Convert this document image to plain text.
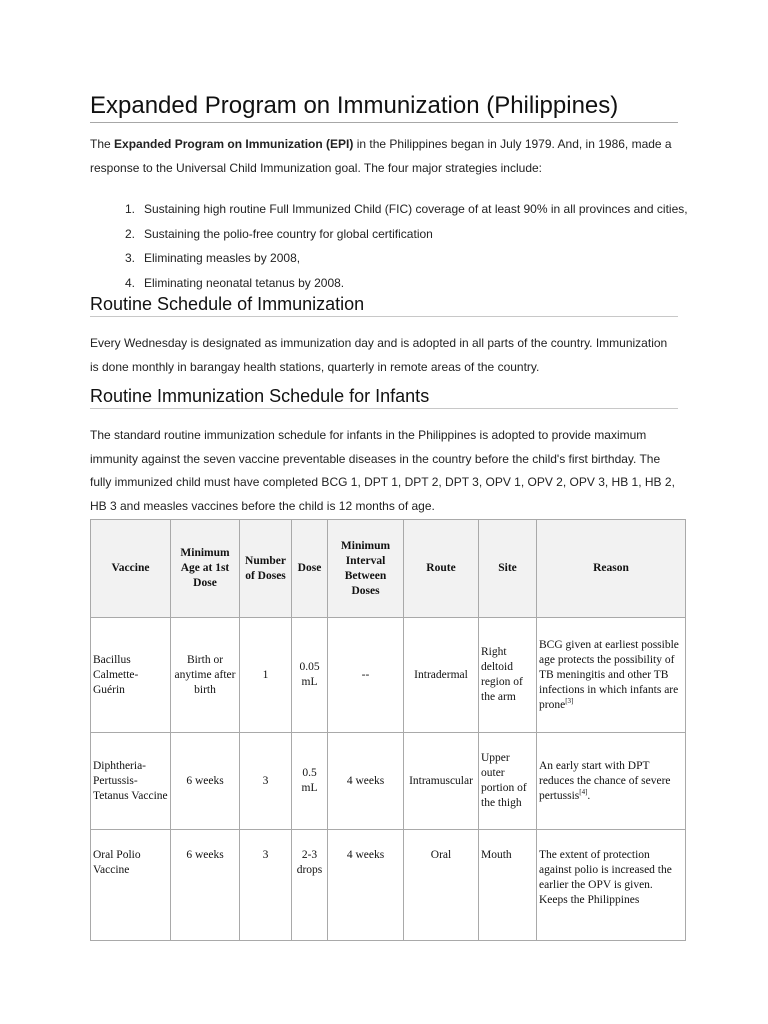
Expanded Program on Immunization (Philippines)

The Expanded Program on Immunization (EPI) in the Philippines began in July 1979. And, in 1986, made a response to the Universal Child Immunization goal. The four major strategies include:

1. Sustaining high routine Full Immunized Child (FIC) coverage of at least 90% in all provinces and cities,
2. Sustaining the polio-free country for global certification
3. Eliminating measles by 2008,
4. Eliminating neonatal tetanus by 2008.
Routine Schedule of Immunization

Every Wednesday is designated as immunization day and is adopted in all parts of the country. Immunization is done monthly in barangay health stations, quarterly in remote areas of the country.

Routine Immunization Schedule for Infants

The standard routine immunization schedule for infants in the Philippines is adopted to provide maximum immunity against the seven vaccine preventable diseases in the country before the child's first birthday. The fully immunized child must have completed BCG 1, DPT 1, DPT 2, DPT 3, OPV 1, OPV 2, OPV 3, HB 1, HB 2, HB 3 and measles vaccines before the child is 12 months of age.

Vaccine	Minimum Age at 1st Dose	Number of Doses	Dose	Minimum Interval Between Doses	Route	Site	Reason
Bacillus Calmette-Guérin	Birth or anytime after birth	1	0.05 mL	--	Intradermal	Right deltoid region of the arm	BCG given at earliest possible age protects the possibility of TB meningitis and other TB infections in which infants are prone[3]
Diphtheria-Pertussis-Tetanus Vaccine	6 weeks	3	0.5 mL	4 weeks	Intramuscular	Upper outer portion of the thigh	An early start with DPT reduces the chance of severe pertussis[4].
Oral Polio Vaccine	6 weeks	3	2-3 drops	4 weeks	Oral	Mouth	The extent of protection against polio is increased the earlier the OPV is given.
Keeps the Philippines
